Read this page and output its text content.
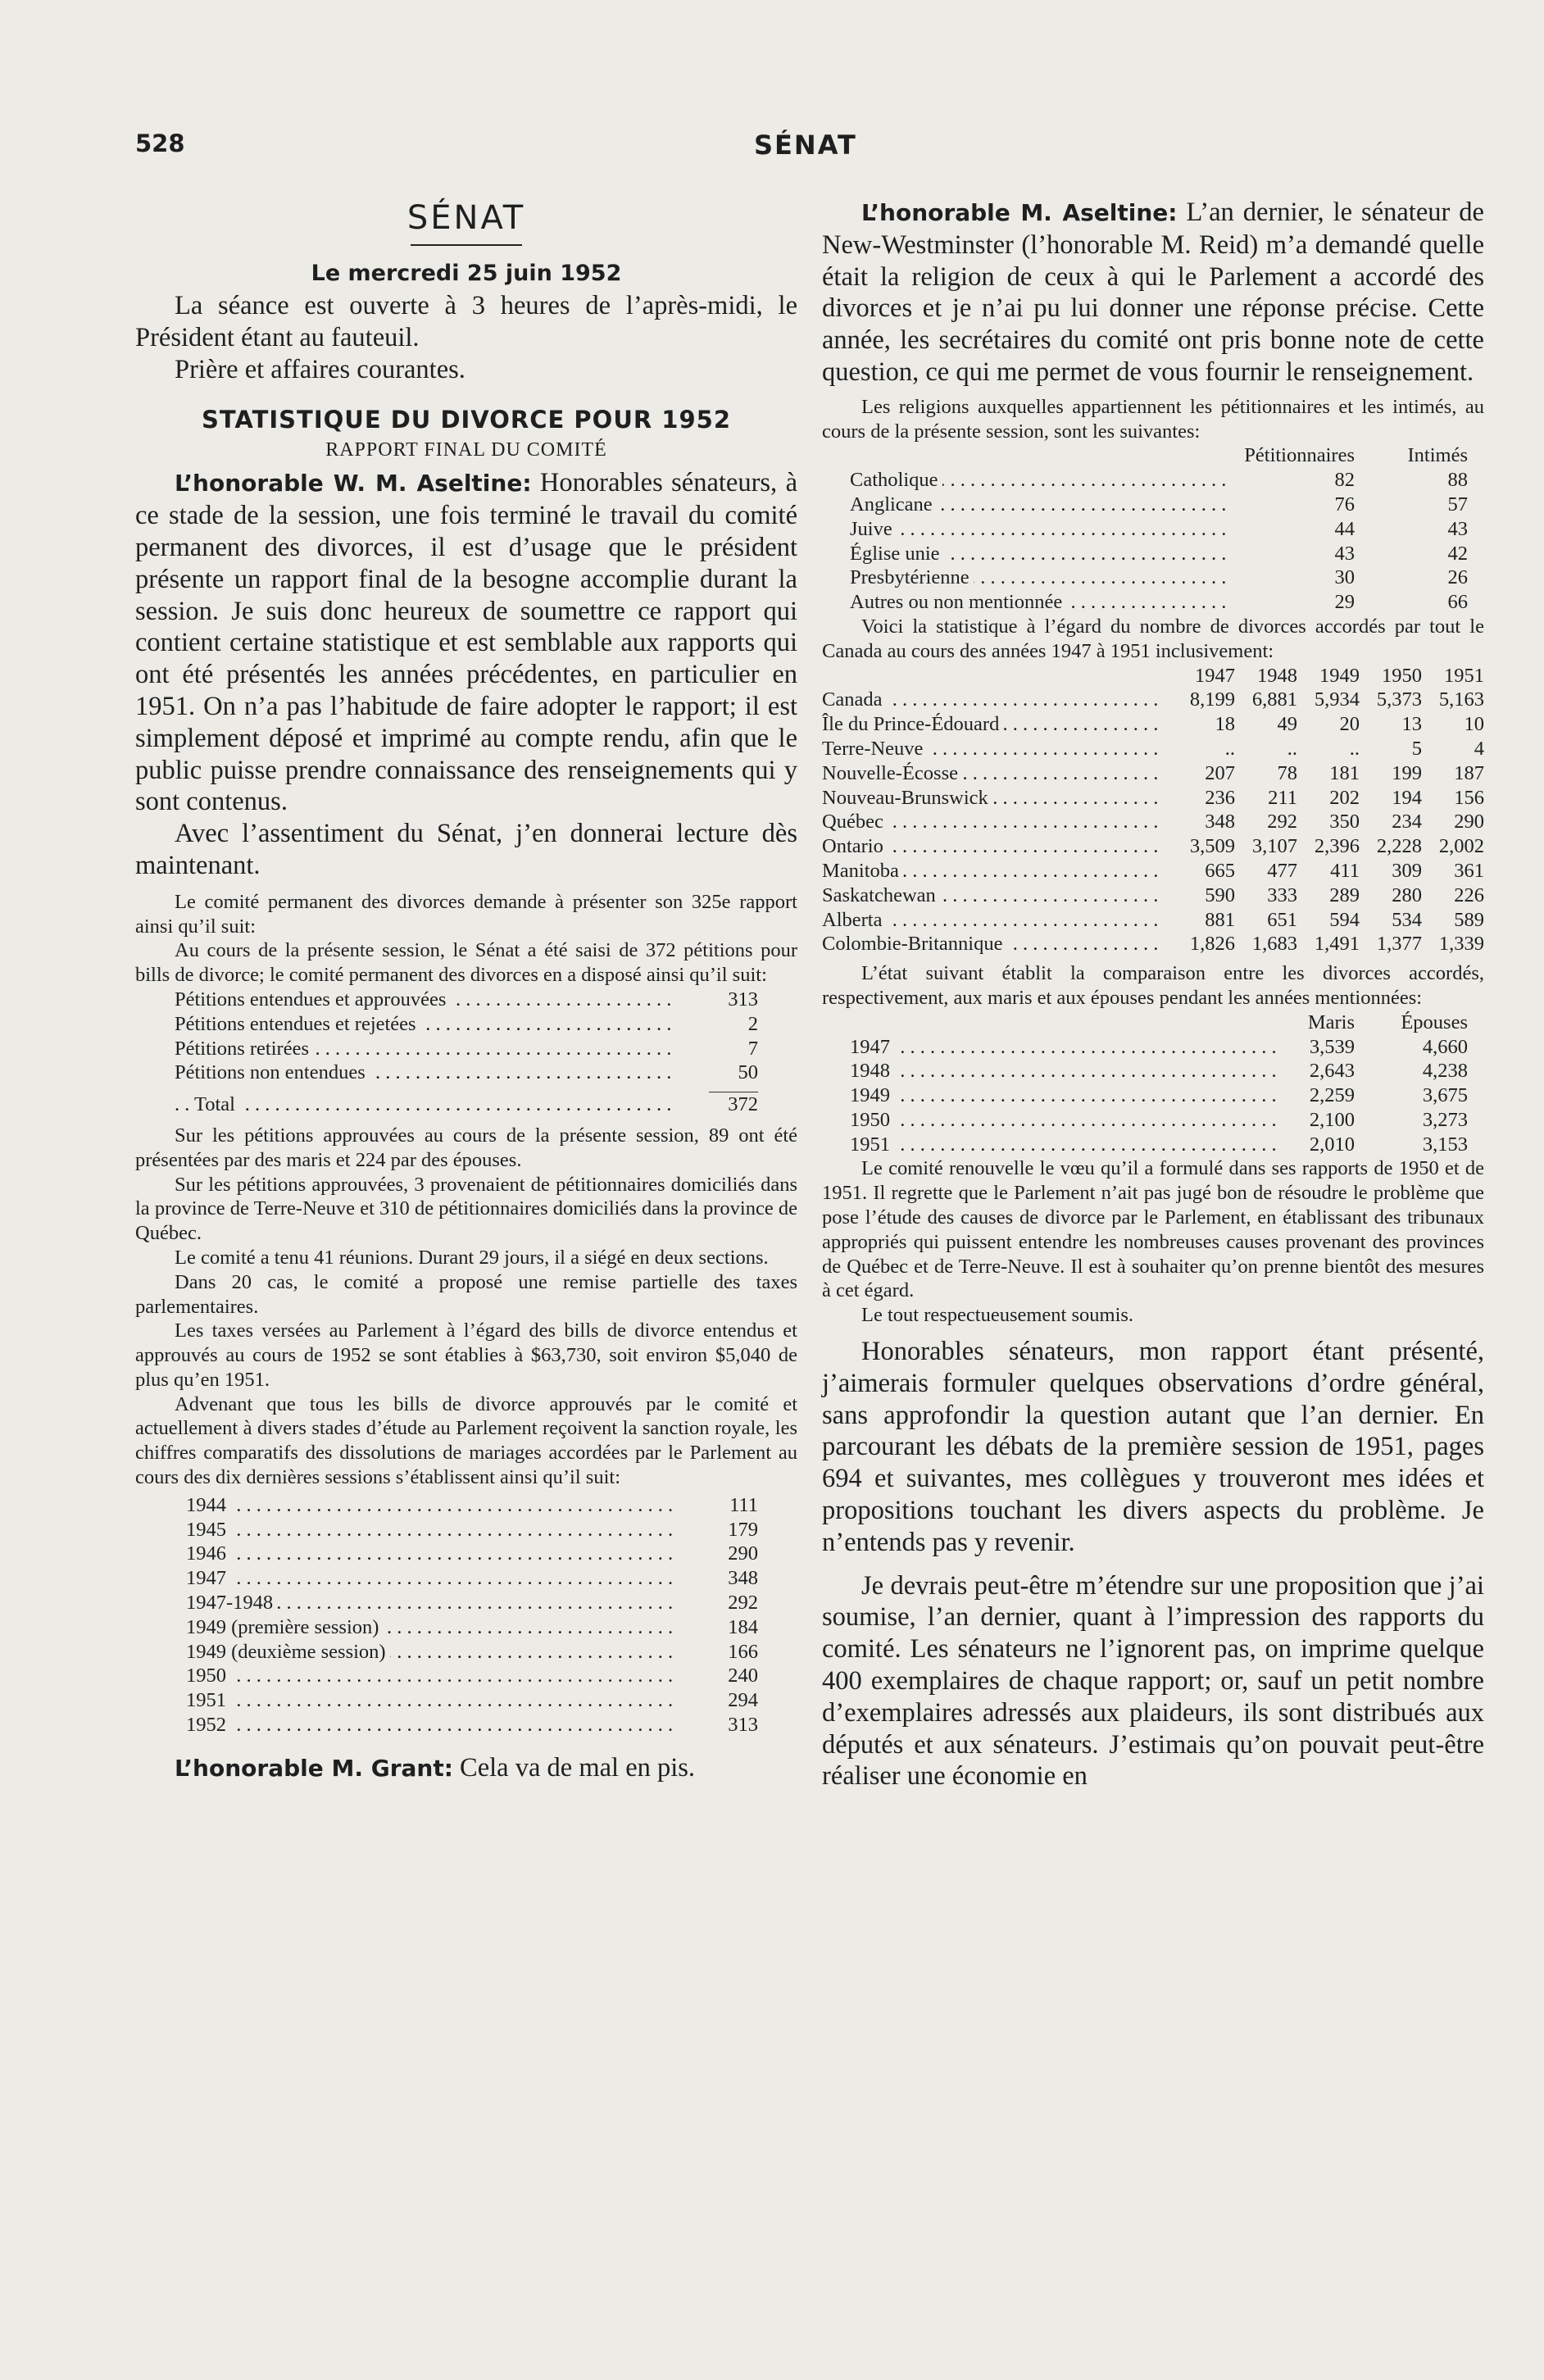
528	SÉNAT
SÉNAT

Le mercredi 25 juin 1952

La séance est ouverte à 3 heures de l’après-midi, le Président étant au fauteuil.

Prière et affaires courantes.

STATISTIQUE DU DIVORCE POUR 1952

RAPPORT FINAL DU COMITÉ

L’honorable W. M. Aseltine: Honorables sénateurs, à ce stade de la session, une fois terminé le travail du comité permanent des divorces, il est d’usage que le président présente un rapport final de la besogne accomplie durant la session. Je suis donc heureux de soumettre ce rapport qui contient certaine statistique et est semblable aux rapports qui ont été présentés les années précédentes, en particulier en 1951. On n’a pas l’habitude de faire adopter le rapport; il est simplement déposé et imprimé au compte rendu, afin que le public puisse prendre connaissance des renseignements qui y sont contenus.

Avec l’assentiment du Sénat, j’en donnerai lecture dès maintenant.

Le comité permanent des divorces demande à présenter son 325e rapport ainsi qu’il suit:

Au cours de la présente session, le Sénat a été saisi de 372 pétitions pour bills de divorce; le comité permanent des divorces en a disposé ainsi qu’il suit:

Pétitions entendues et approuvées . . .	313
Pétitions entendues et rejetées . . .	2
Pétitions retirées . . .	7
Pétitions non entendues . . .	50

Total . . .	372

Sur les pétitions approuvées au cours de la présente session, 89 ont été présentées par des maris et 224 par des épouses.

Sur les pétitions approuvées, 3 provenaient de pétitionnaires domiciliés dans la province de Terre-Neuve et 310 de pétitionnaires domiciliés dans la province de Québec.

Le comité a tenu 41 réunions. Durant 29 jours, il a siégé en deux sections.

Dans 20 cas, le comité a proposé une remise partielle des taxes parlementaires.

Les taxes versées au Parlement à l’égard des bills de divorce entendus et approuvés au cours de 1952 se sont établies à $63,730, soit environ $5,040 de plus qu’en 1951.

Advenant que tous les bills de divorce approuvés par le comité et actuellement à divers stades d’étude au Parlement reçoivent la sanction royale, les chiffres comparatifs des dissolutions de mariages accordées par le Parlement au cours des dix dernières sessions s’établissent ainsi qu’il suit:

1944 . . .	111
1945 . . .	179
1946 . . .	290
1947 . . .	348
1947-1948 . . .	292
1949 (première session) . . .	184
1949 (deuxième session) . . .	166
1950 . . .	240
1951 . . .	294
1952 . . .	313

L’honorable M. Grant: Cela va de mal en pis.

L’honorable M. Aseltine: L’an dernier, le sénateur de New-Westminster (l’honorable M. Reid) m’a demandé quelle était la religion de ceux à qui le Parlement a accordé des divorces et je n’ai pu lui donner une réponse précise. Cette année, les secrétaires du comité ont pris bonne note de cette question, ce qui me permet de vous fournir le renseignement.

Les religions auxquelles appartiennent les pétitionnaires et les intimés, au cours de la présente session, sont les suivantes:

	Pétitionnaires	Intimés
Catholique . . .	82	88
Anglicane . . .	76	57
Juive . . .	44	43
Église unie . . .	43	42
Presbytérienne . . .	30	26
Autres ou non mentionnée . . .	29	66

Voici la statistique à l’égard du nombre de divorces accordés par tout le Canada au cours des années 1947 à 1951 inclusivement:

	1947	1948	1949	1950	1951
Canada . . .	8,199	6,881	5,934	5,373	5,163
Île du Prince-Édouard . . .	18	49	20	13	10
Terre-Neuve . . .	..	..	..	5	4
Nouvelle-Écosse . . .	207	78	181	199	187
Nouveau-Brunswick . . .	236	211	202	194	156
Québec . . .	348	292	350	234	290
Ontario . . .	3,509	3,107	2,396	2,228	2,002
Manitoba . . .	665	477	411	309	361
Saskatchewan . . .	590	333	289	280	226
Alberta . . .	881	651	594	534	589
Colombie-Britannique . . .	1,826	1,683	1,491	1,377	1,339

L’état suivant établit la comparaison entre les divorces accordés, respectivement, aux maris et aux épouses pendant les années mentionnées:

	Maris	Épouses
1947 . . .	3,539	4,660
1948 . . .	2,643	4,238
1949 . . .	2,259	3,675
1950 . . .	2,100	3,273
1951 . . .	2,010	3,153

Le comité renouvelle le vœu qu’il a formulé dans ses rapports de 1950 et de 1951. Il regrette que le Parlement n’ait pas jugé bon de résoudre le problème que pose l’étude des causes de divorce par le Parlement, en établissant des tribunaux appropriés qui puissent entendre les nombreuses causes provenant des provinces de Québec et de Terre-Neuve. Il est à souhaiter qu’on prenne bientôt des mesures à cet égard.

Le tout respectueusement soumis.

Honorables sénateurs, mon rapport étant présenté, j’aimerais formuler quelques observations d’ordre général, sans approfondir la question autant que l’an dernier. En parcourant les débats de la première session de 1951, pages 694 et suivantes, mes collègues y trouveront mes idées et propositions touchant les divers aspects du problème. Je n’entends pas y revenir.

Je devrais peut-être m’étendre sur une proposition que j’ai soumise, l’an dernier, quant à l’impression des rapports du comité. Les sénateurs ne l’ignorent pas, on imprime quelque 400 exemplaires de chaque rapport; or, sauf un petit nombre d’exemplaires adressés aux plaideurs, ils sont distribués aux députés et aux sénateurs. J’estimais qu’on pouvait peut-être réaliser une économie en
